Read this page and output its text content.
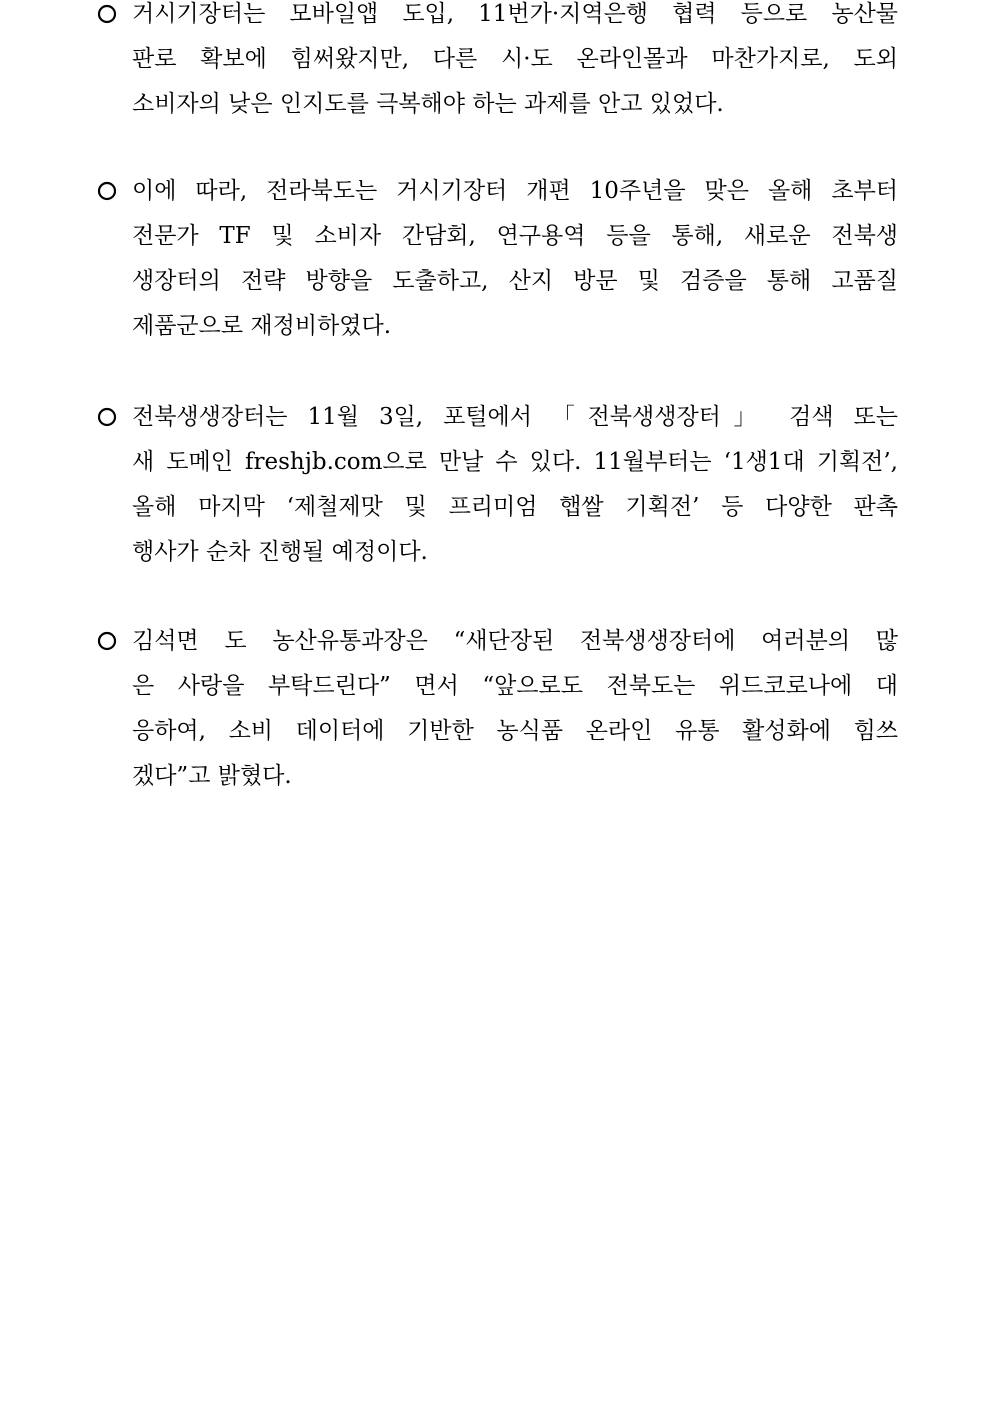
거시기장터는 모바일앱 도입, 11번가·지역은행 협력 등으로 농산물
판로 확보에 힘써왔지만, 다른 시·도 온라인몰과 마찬가지로, 도외
소비자의 낮은 인지도를 극복해야 하는 과제를 안고 있었다.
이에 따라, 전라북도는 거시기장터 개편 10주년을 맞은 올해 초부터
전문가 TF 및 소비자 간담회, 연구용역 등을 통해, 새로운 전북생
생장터의 전략 방향을 도출하고, 산지 방문 및 검증을 통해 고품질
제품군으로 재정비하였다.
전북생생장터는 11월 3일, 포털에서 「전북생생장터」 검색 또는
새 도메인 freshjb.com으로 만날 수 있다. 11월부터는 ‘1생1대 기획전’,
올해 마지막 ‘제철제맛 및 프리미엄 햅쌀 기획전’ 등 다양한 판촉
행사가 순차 진행될 예정이다.
김석면 도 농산유통과장은 “새단장된 전북생생장터에 여러분의 많
은 사랑을 부탁드린다” 면서 “앞으로도 전북도는 위드코로나에 대
응하여, 소비 데이터에 기반한 농식품 온라인 유통 활성화에 힘쓰
겠다”고 밝혔다.
